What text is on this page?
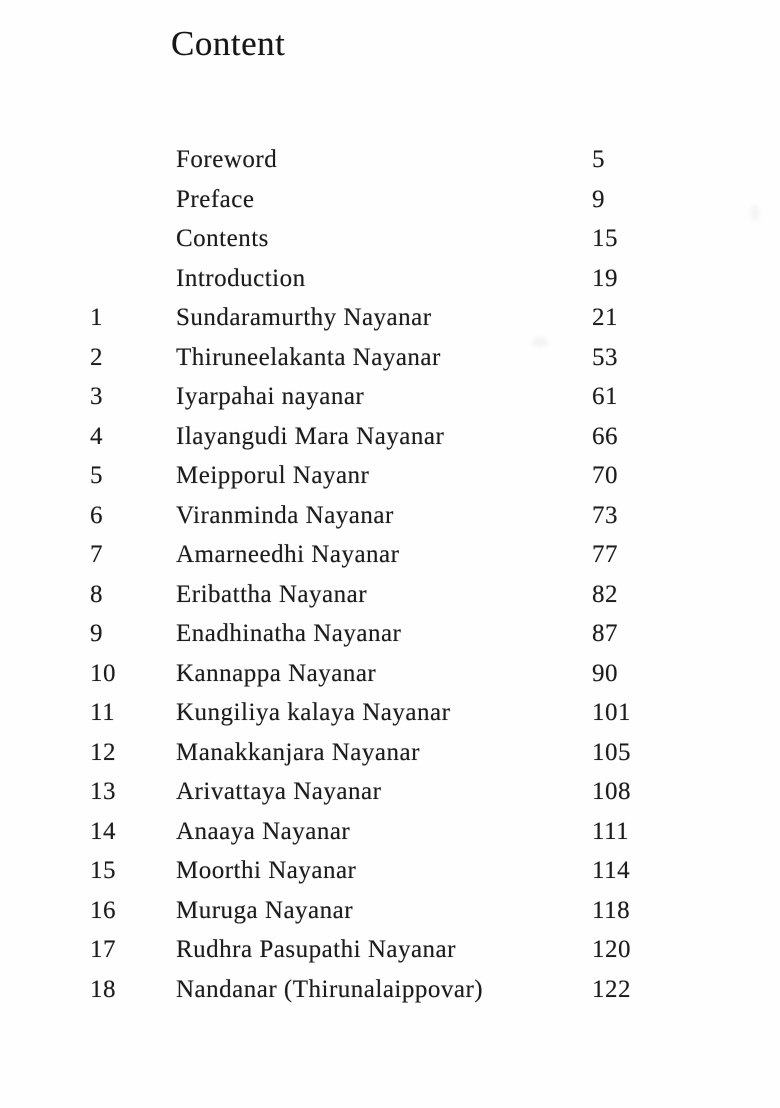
Content
Foreword	5
Preface	9
Contents	15
Introduction	19
1	Sundaramurthy Nayanar	21
2	Thiruneelakanta Nayanar	53
3	Iyarpahai nayanar	61
4	Ilayangudi Mara Nayanar	66
5	Meipporul Nayanr	70
6	Viranminda Nayanar	73
7	Amarneedhi Nayanar	77
8	Eribattha Nayanar	82
9	Enadhinatha Nayanar	87
10	Kannappa Nayanar	90
11	Kungiliya kalaya Nayanar	101
12	Manakkanjara Nayanar	105
13	Arivattaya Nayanar	108
14	Anaaya Nayanar	111
15	Moorthi Nayanar	114
16	Muruga Nayanar	118
17	Rudhra Pasupathi Nayanar	120
18	Nandanar (Thirunalaippovar)	122
